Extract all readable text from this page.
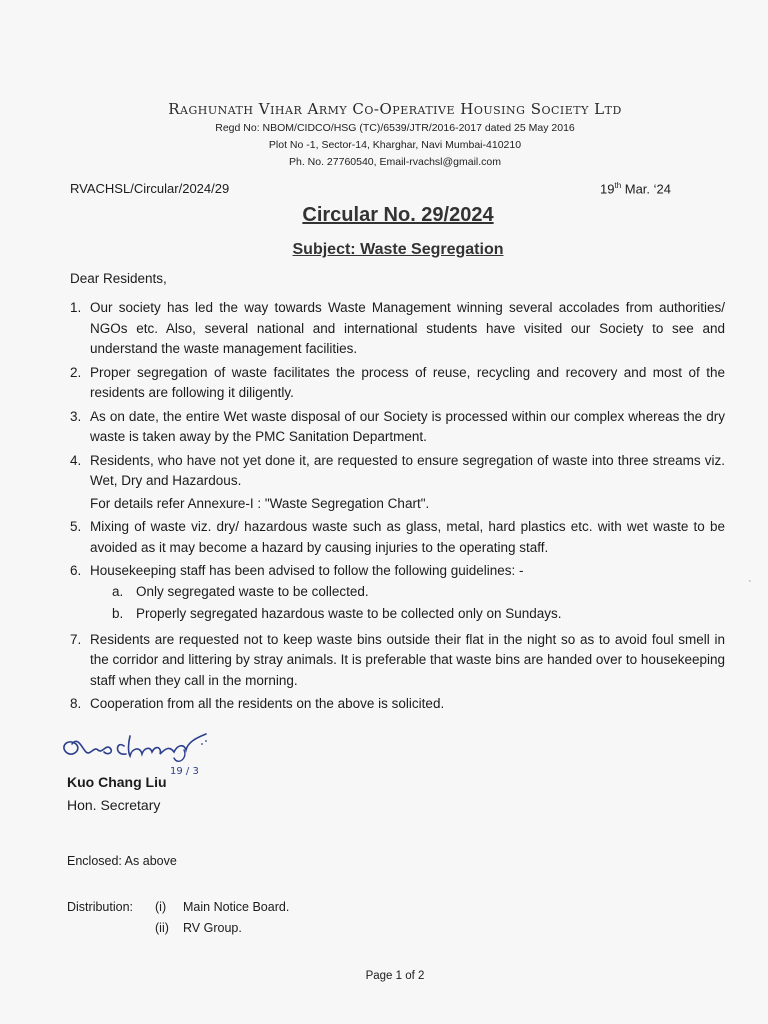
Raghunath Vihar Army Co-Operative Housing Society Ltd
Regd No: NBOM/CIDCO/HSG (TC)/6539/JTR/2016-2017 dated 25 May 2016
Plot No -1, Sector-14, Kharghar, Navi Mumbai-410210
Ph. No. 27760540, Email-rvachsl@gmail.com
RVACHSL/Circular/2024/29	19th Mar. ‘24
Circular No. 29/2024
Subject: Waste Segregation
Dear Residents,
1. Our society has led the way towards Waste Management winning several accolades from authorities/ NGOs etc. Also, several national and international students have visited our Society to see and understand the waste management facilities.
2. Proper segregation of waste facilitates the process of reuse, recycling and recovery and most of the residents are following it diligently.
3. As on date, the entire Wet waste disposal of our Society is processed within our complex whereas the dry waste is taken away by the PMC Sanitation Department.
4. Residents, who have not yet done it, are requested to ensure segregation of waste into three streams viz. Wet, Dry and Hazardous.
For details refer Annexure-I : "Waste Segregation Chart".
5. Mixing of waste viz. dry/ hazardous waste such as glass, metal, hard plastics etc. with wet waste to be avoided as it may become a hazard by causing injuries to the operating staff.
6. Housekeeping staff has been advised to follow the following guidelines: -
a. Only segregated waste to be collected.
b. Properly segregated hazardous waste to be collected only on Sundays.
7. Residents are requested not to keep waste bins outside their flat in the night so as to avoid foul smell in the corridor and littering by stray animals. It is preferable that waste bins are handed over to housekeeping staff when they call in the morning.
8. Cooperation from all the residents on the above is solicited.
19 / 3
Kuo Chang Liu
Hon. Secretary
Enclosed: As above
Distribution: (i) Main Notice Board.
(ii) RV Group.
Page 1 of 2
·
